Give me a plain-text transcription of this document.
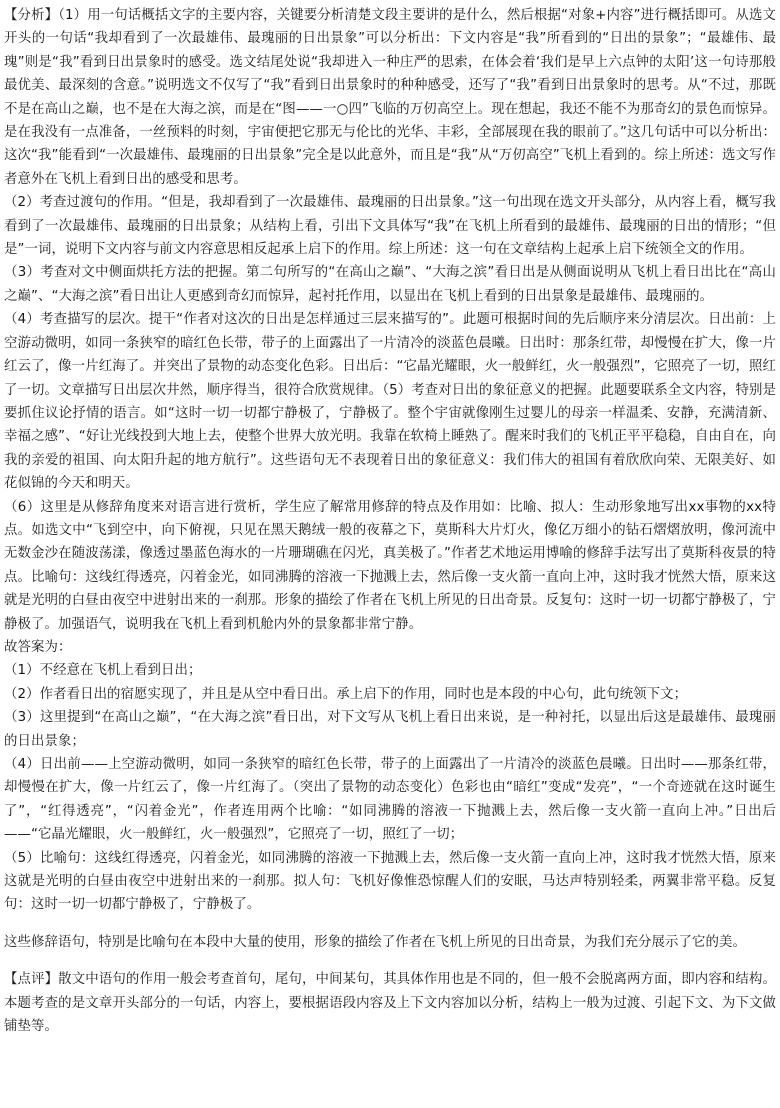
【分析】（1）用一句话概括文字的主要内容，关键要分析清楚文段主要讲的是什么，然后根据“对象+内容”进行概括即可。从选文开头的一句话“我却看到了一次最雄伟、最瑰丽的日出景象”可以分析出：下文内容是“我”所看到的“日出的景象”；“最雄伟、最瑰”则是“我”看到日出景象时的感受。选文结尾处说“我却进入一种庄严的思索，在体会着‘我们是早上六点钟的太阳’这一句诗那般最优美、最深刻的含意。”说明选文不仅写了“我”看到日出景象时的种种感受，还写了“我”看到日出景象时的思考。从“不过，那既不是在高山之巅，也不是在大海之滨，而是在“图——一○四”飞临的万仞高空上。现在想起，我还不能不为那奇幻的景色而惊异。是在我没有一点准备，一丝预料的时刻，宇宙便把它那无与伦比的光华、丰彩，全部展现在我的眼前了。”这几句话中可以分析出：这次“我”能看到“一次最雄伟、最瑰丽的日出景象”完全是以此意外，而且是“我”从“万仞高空”飞机上看到的。综上所述：选文写作者意外在飞机上看到日出的感受和思考。

（2）考查过渡句的作用。“但是，我却看到了一次最雄伟、最瑰丽的日出景象。”这一句出现在选文开头部分，从内容上看，概写我看到了一次最雄伟、最瑰丽的日出景象；从结构上看，引出下文具体写“我”在飞机上所看到的最雄伟、最瑰丽的日出的情形；“但是”一词，说明下文内容与前文内容意思相反起承上启下的作用。综上所述：这一句在文章结构上起承上启下统领全文的作用。

（3）考查对文中侧面烘托方法的把握。第二句所写的“在高山之巅”、“大海之滨”看日出是从侧面说明从飞机上看日出比在“高山之巅”、“大海之滨”看日出让人更感到奇幻而惊异，起衬托作用，以显出在飞机上看到的日出景象是最雄伟、最瑰丽的。

（4）考查描写的层次。提干“作者对这次的日出是怎样通过三层来描写的”。此题可根据时间的先后顺序来分清层次。日出前：上空游动微明，如同一条狭窄的暗红色长带，带子的上面露出了一片清冷的淡蓝色晨曦。日出时：那条红带，却慢慢在扩大，像一片红云了，像一片红海了。并突出了景物的动态变化色彩。日出后：“它晶光耀眼，火一般鲜红，火一般强烈”，它照亮了一切，照红了一切。文章描写日出层次井然，顺序得当，很符合欣赏规律。（5）考查对日出的象征意义的把握。此题要联系全文内容，特别是要抓住议论抒情的语言。如“这时一切一切都宁静极了，宁静极了。整个宇宙就像刚生过婴儿的母亲一样温柔、安静，充满清新、幸福之感”、“好让光线投到大地上去，使整个世界大放光明。我靠在软椅上睡熟了。醒来时我们的飞机正平平稳稳，自由自在，向我的亲爱的祖国、向太阳升起的地方航行”。这些语句无不表现着日出的象征意义：我们伟大的祖国有着欣欣向荣、无限美好、如花似锦的今天和明天。

（6）这里是从修辞角度来对语言进行赏析，学生应了解常用修辞的特点及作用如：比喻、拟人：生动形象地写出xx事物的xx特点。如选文中“飞到空中，向下俯视，只见在黑天鹅绒一般的夜幕之下，莫斯科大片灯火，像亿万细小的钻石熠熠放明，像河流中无数金沙在随波荡漾，像透过墨蓝色海水的一片珊瑚礁在闪光，真美极了。”作者艺术地运用博喻的修辞手法写出了莫斯科夜景的特点。比喻句：这线红得透亮，闪着金光，如同沸腾的溶液一下抛溅上去，然后像一支火箭一直向上冲，这时我才恍然大悟，原来这就是光明的白昼由夜空中进射出来的一刹那。形象的描绘了作者在飞机上所见的日出奇景。反复句：这时一切一切都宁静极了，宁静极了。加强语气，说明我在飞机上看到机舱内外的景象都非常宁静。

故答案为：

（1）不经意在飞机上看到日出；

（2）作者看日出的宿愿实现了，并且是从空中看日出。承上启下的作用，同时也是本段的中心句，此句统领下文；

（3）这里提到“在高山之巅”，“在大海之滨”看日出，对下文写从飞机上看日出来说，是一种衬托，以显出后这是最雄伟、最瑰丽的日出景象；

（4）日出前——上空游动微明，如同一条狭窄的暗红色长带，带子的上面露出了一片清冷的淡蓝色晨曦。日出时——那条红带，却慢慢在扩大，像一片红云了，像一片红海了。（突出了景物的动态变化）色彩也由“暗红”变成“发亮”，“一个奇迹就在这时诞生了”，“红得透亮”，“闪着金光”，作者连用两个比喻：“如同沸腾的溶液一下抛溅上去，然后像一支火箭一直向上冲。”日出后——“它晶光耀眼，火一般鲜红，火一般强烈”，它照亮了一切，照红了一切；

（5）比喻句：这线红得透亮，闪着金光，如同沸腾的溶液一下抛溅上去，然后像一支火箭一直向上冲，这时我才恍然大悟，原来这就是光明的白昼由夜空中进射出来的一刹那。拟人句：飞机好像惟恐惊醒人们的安眠，马达声特别轻柔，两翼非常平稳。反复句：这时一切一切都宁静极了，宁静极了。

这些修辞语句，特别是比喻句在本段中大量的使用，形象的描绘了作者在飞机上所见的日出奇景，为我们充分展示了它的美。

【点评】散文中语句的作用一般会考查首句，尾句，中间某句，其具体作用也是不同的，但一般不会脱离两方面，即内容和结构。本题考查的是文章开头部分的一句话，内容上，要根据语段内容及上下文内容加以分析，结构上一般为过渡、引起下文、为下文做铺垫等。
